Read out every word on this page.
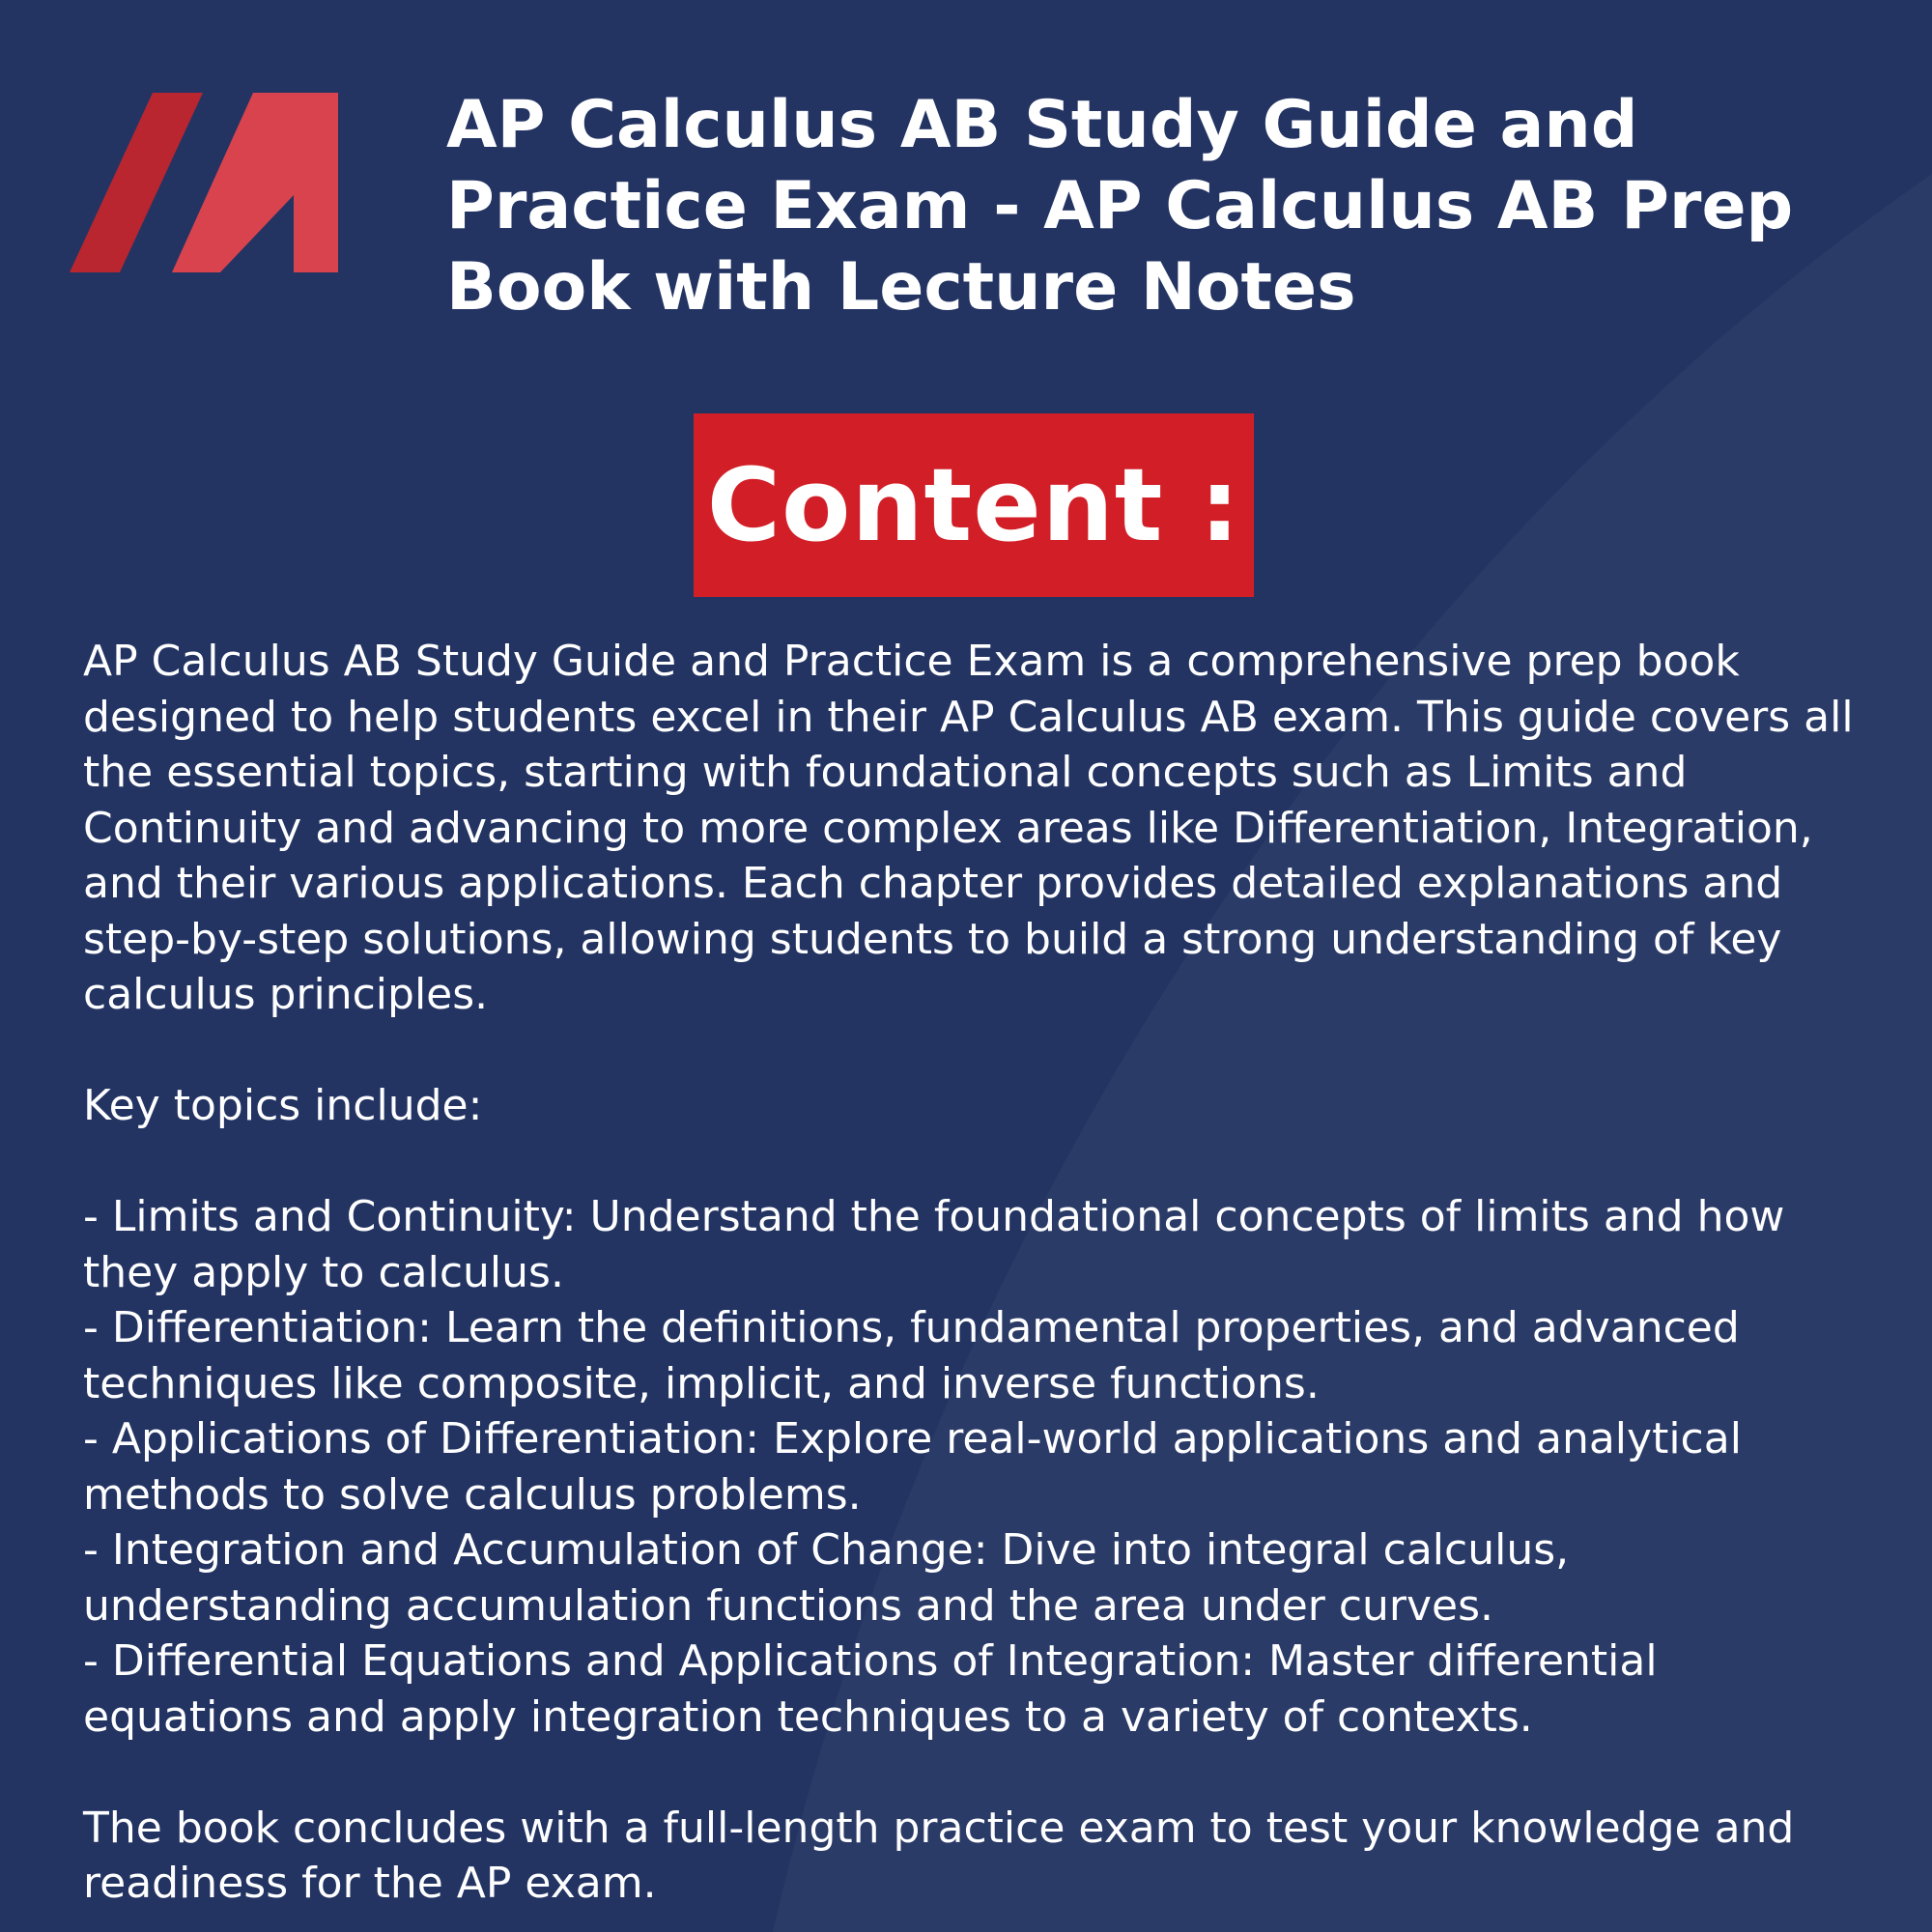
AP Calculus AB Study Guide and Practice Exam - AP Calculus AB Prep Book with Lecture Notes
Content :

AP Calculus AB Study Guide and Practice Exam is a comprehensive prep book designed to help students excel in their AP Calculus AB exam. This guide covers all the essential topics, starting with foundational concepts such as Limits and Continuity and advancing to more complex areas like Differentiation, Integration, and their various applications. Each chapter provides detailed explanations and step-by-step solutions, allowing students to build a strong understanding of key calculus principles.

Key topics include:

- Limits and Continuity: Understand the foundational concepts of limits and how they apply to calculus.

- Differentiation: Learn the definitions, fundamental properties, and advanced techniques like composite, implicit, and inverse functions.

- Applications of Differentiation: Explore real-world applications and analytical methods to solve calculus problems.

- Integration and Accumulation of Change: Dive into integral calculus, understanding accumulation functions and the area under curves.

- Differential Equations and Applications of Integration: Master differential equations and apply integration techniques to a variety of contexts.

The book concludes with a full-length practice exam to test your knowledge and readiness for the AP exam.
